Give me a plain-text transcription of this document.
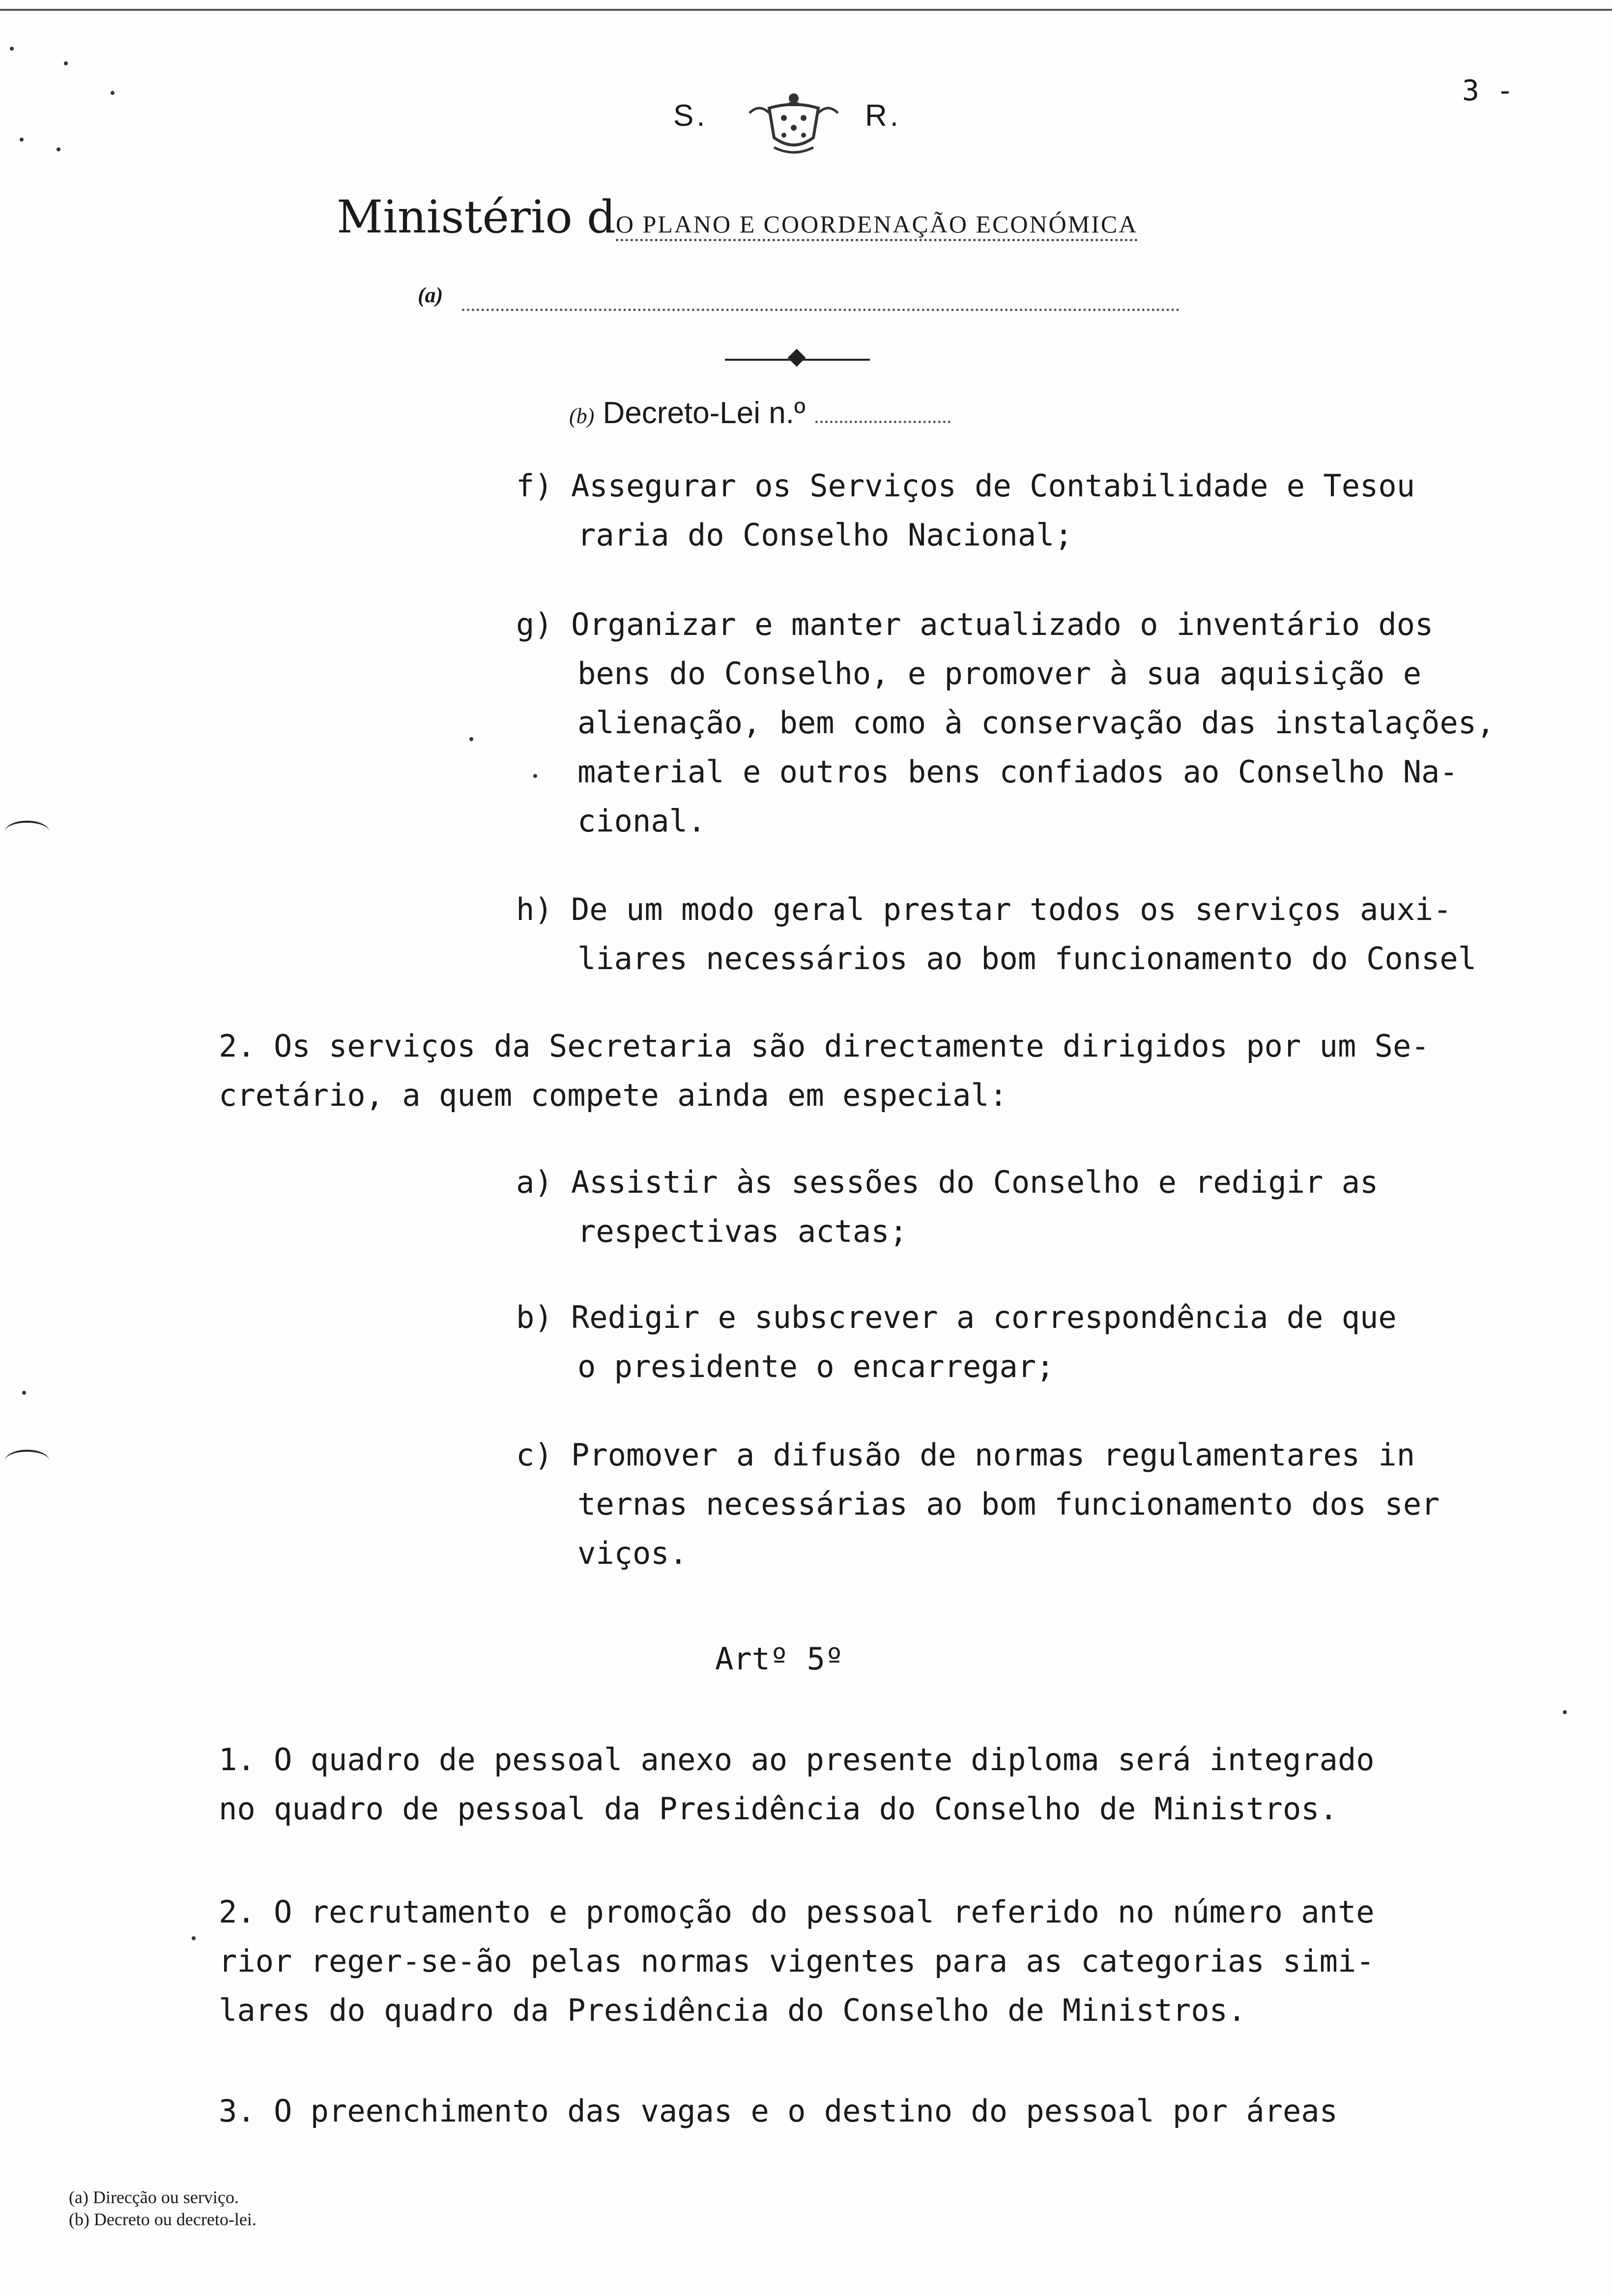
3 -
S.	R.
Ministério dO PLANO E COORDENAÇÃO ECONÓMICA
(a)
(b) Decreto-Lei n.º
f) Assegurar os Serviços de Contabilidade e Tesou
raria do Conselho Nacional;
g) Organizar e manter actualizado o inventário dos
bens do Conselho, e promover à sua aquisição e
alienação, bem como à conservação das instalações,
material e outros bens confiados ao Conselho Na-
cional.
h) De um modo geral prestar todos os serviços auxi-
liares necessários ao bom funcionamento do Consel
2. Os serviços da Secretaria são directamente dirigidos por um Se-
cretário, a quem compete ainda em especial:
a) Assistir às sessões do Conselho e redigir as
respectivas actas;
b) Redigir e subscrever a correspondência de que
o presidente o encarregar;
c) Promover a difusão de normas regulamentares in
ternas necessárias ao bom funcionamento dos ser
viços.
Artº 5º
1. O quadro de pessoal anexo ao presente diploma será integrado
no quadro de pessoal da Presidência do Conselho de Ministros.
2. O recrutamento e promoção do pessoal referido no número ante
rior reger-se-ão pelas normas vigentes para as categorias simi-
lares do quadro da Presidência do Conselho de Ministros.
3. O preenchimento das vagas e o destino do pessoal por áreas
(a) Direcção ou serviço.
(b) Decreto ou decreto-lei.
